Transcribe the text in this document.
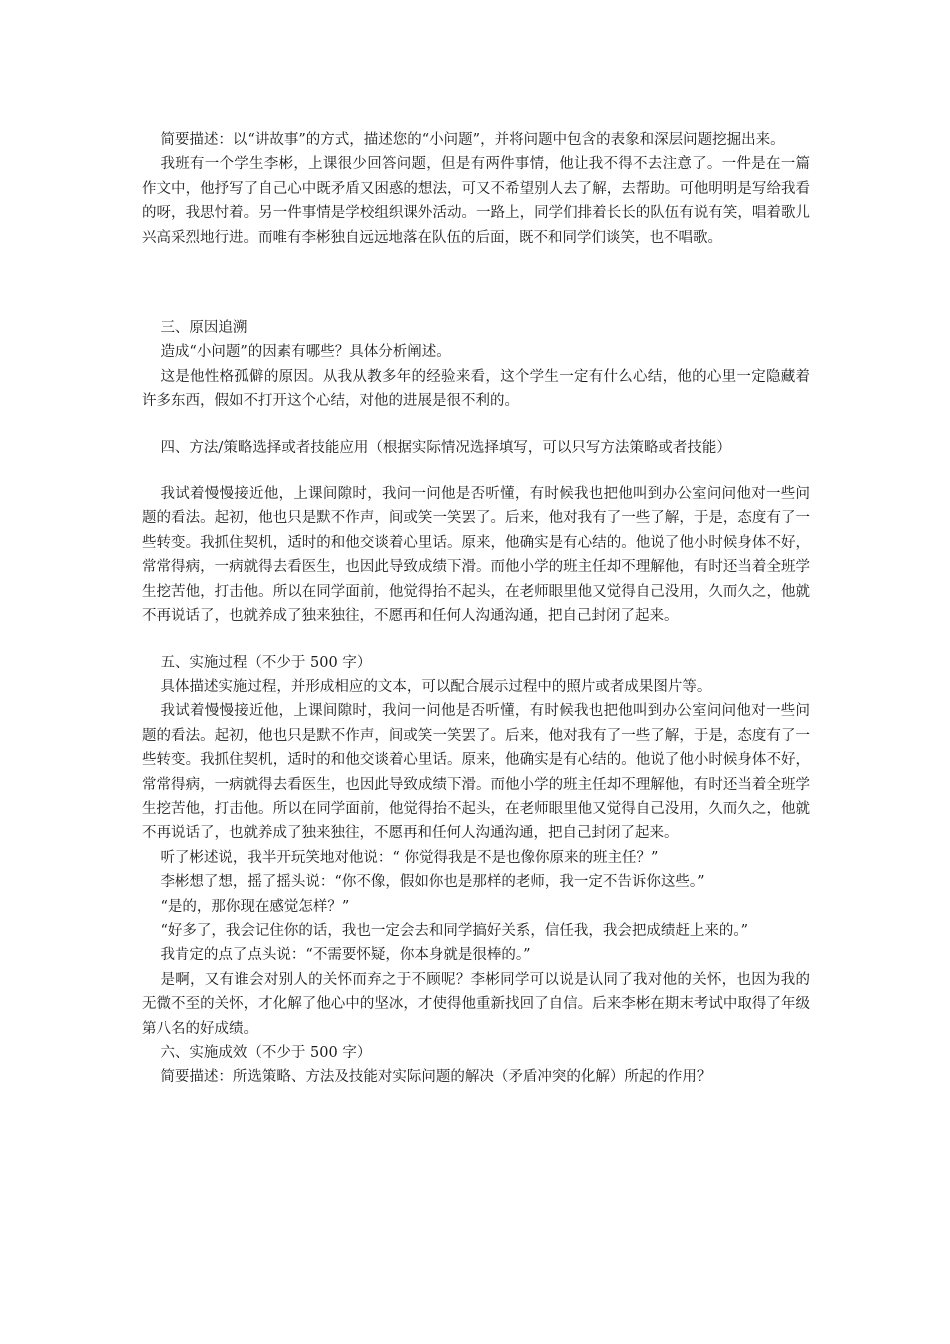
简要描述：以“讲故事”的方式，描述您的“小问题”，并将问题中包含的表象和深层问题挖掘出来。

我班有一个学生李彬，上课很少回答问题，但是有两件事情，他让我不得不去注意了。一件是在一篇作文中，他抒写了自己心中既矛盾又困惑的想法，可又不希望别人去了解，去帮助。可他明明是写给我看的呀，我思忖着。另一件事情是学校组织课外活动。一路上，同学们排着长长的队伍有说有笑，唱着歌儿兴高采烈地行进。而唯有李彬独自远远地落在队伍的后面，既不和同学们谈笑，也不唱歌。

三、原因追溯

造成“小问题”的因素有哪些？具体分析阐述。

这是他性格孤僻的原因。从我从教多年的经验来看，这个学生一定有什么心结，他的心里一定隐藏着许多东西，假如不打开这个心结，对他的进展是很不利的。

四、方法/策略选择或者技能应用（根据实际情况选择填写，可以只写方法策略或者技能）

我试着慢慢接近他，上课间隙时，我问一问他是否听懂，有时候我也把他叫到办公室问问他对一些问题的看法。起初，他也只是默不作声，间或笑一笑罢了。后来，他对我有了一些了解，于是，态度有了一些转变。我抓住契机，适时的和他交谈着心里话。原来，他确实是有心结的。他说了他小时候身体不好，常常得病，一病就得去看医生，也因此导致成绩下滑。而他小学的班主任却不理解他，有时还当着全班学生挖苦他，打击他。所以在同学面前，他觉得抬不起头，在老师眼里他又觉得自己没用，久而久之，他就不再说话了，也就养成了独来独往，不愿再和任何人沟通沟通，把自己封闭了起来。

五、实施过程（不少于 500 字）

具体描述实施过程，并形成相应的文本，可以配合展示过程中的照片或者成果图片等。

我试着慢慢接近他，上课间隙时，我问一问他是否听懂，有时候我也把他叫到办公室问问他对一些问题的看法。起初，他也只是默不作声，间或笑一笑罢了。后来，他对我有了一些了解，于是，态度有了一些转变。我抓住契机，适时的和他交谈着心里话。原来，他确实是有心结的。他说了他小时候身体不好，常常得病，一病就得去看医生，也因此导致成绩下滑。而他小学的班主任却不理解他，有时还当着全班学生挖苦他，打击他。所以在同学面前，他觉得抬不起头，在老师眼里他又觉得自己没用，久而久之，他就不再说话了，也就养成了独来独往，不愿再和任何人沟通沟通，把自己封闭了起来。

听了彬述说，我半开玩笑地对他说：“ 你觉得我是不是也像你原来的班主任？”

李彬想了想，摇了摇头说：“你不像，假如你也是那样的老师，我一定不告诉你这些。”

“是的，那你现在感觉怎样？”

“好多了，我会记住你的话，我也一定会去和同学搞好关系，信任我，我会把成绩赶上来的。”

我肯定的点了点头说：“不需要怀疑，你本身就是很棒的。”

是啊，又有谁会对别人的关怀而弃之于不顾呢？李彬同学可以说是认同了我对他的关怀，也因为我的无微不至的关怀，才化解了他心中的坚冰，才使得他重新找回了自信。后来李彬在期末考试中取得了年级第八名的好成绩。

六、实施成效（不少于 500 字）

简要描述：所选策略、方法及技能对实际问题的解决（矛盾冲突的化解）所起的作用？
